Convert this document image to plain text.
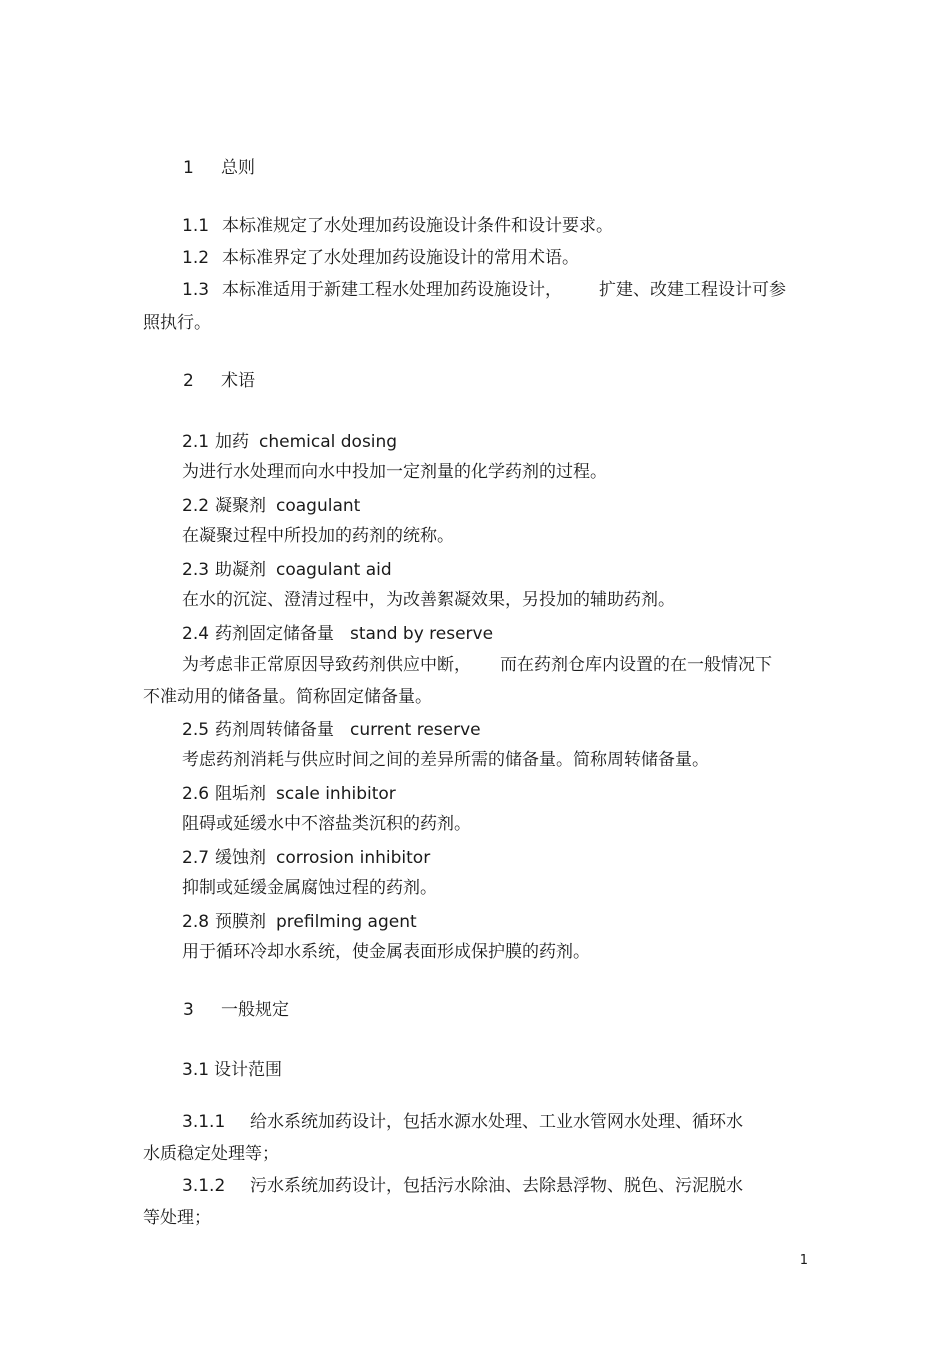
1 总则
1.1 本标准规定了水处理加药设施设计条件和设计要求。
1.2 本标准界定了水处理加药设施设计的常用术语。
1.3 本标准适用于新建工程水处理加药设施设计， 扩建、改建工程设计可参
照执行。
2 术语
2.1 加药 chemical dosing
为进行水处理而向水中投加一定剂量的化学药剂的过程。
2.2 凝聚剂 coagulant
在凝聚过程中所投加的药剂的统称。
2.3 助凝剂 coagulant aid
在水的沉淀、澄清过程中，为改善絮凝效果，另投加的辅助药剂。
2.4 药剂固定储备量 stand by reserve
为考虑非正常原因导致药剂供应中断， 而在药剂仓库内设置的在一般情况下
不准动用的储备量。简称固定储备量。
2.5 药剂周转储备量 current reserve
考虑药剂消耗与供应时间之间的差异所需的储备量。简称周转储备量。
2.6 阻垢剂 scale inhibitor
阻碍或延缓水中不溶盐类沉积的药剂。
2.7 缓蚀剂 corrosion inhibitor
抑制或延缓金属腐蚀过程的药剂。
2.8 预膜剂 prefilming agent
用于循环冷却水系统，使金属表面形成保护膜的药剂。
3 一般规定
3.1 设计范围
3.1.1 给水系统加药设计，包括水源水处理、工业水管网水处理、循环水
水质稳定处理等；
3.1.2 污水系统加药设计，包括污水除油、去除悬浮物、脱色、污泥脱水
等处理；
1
